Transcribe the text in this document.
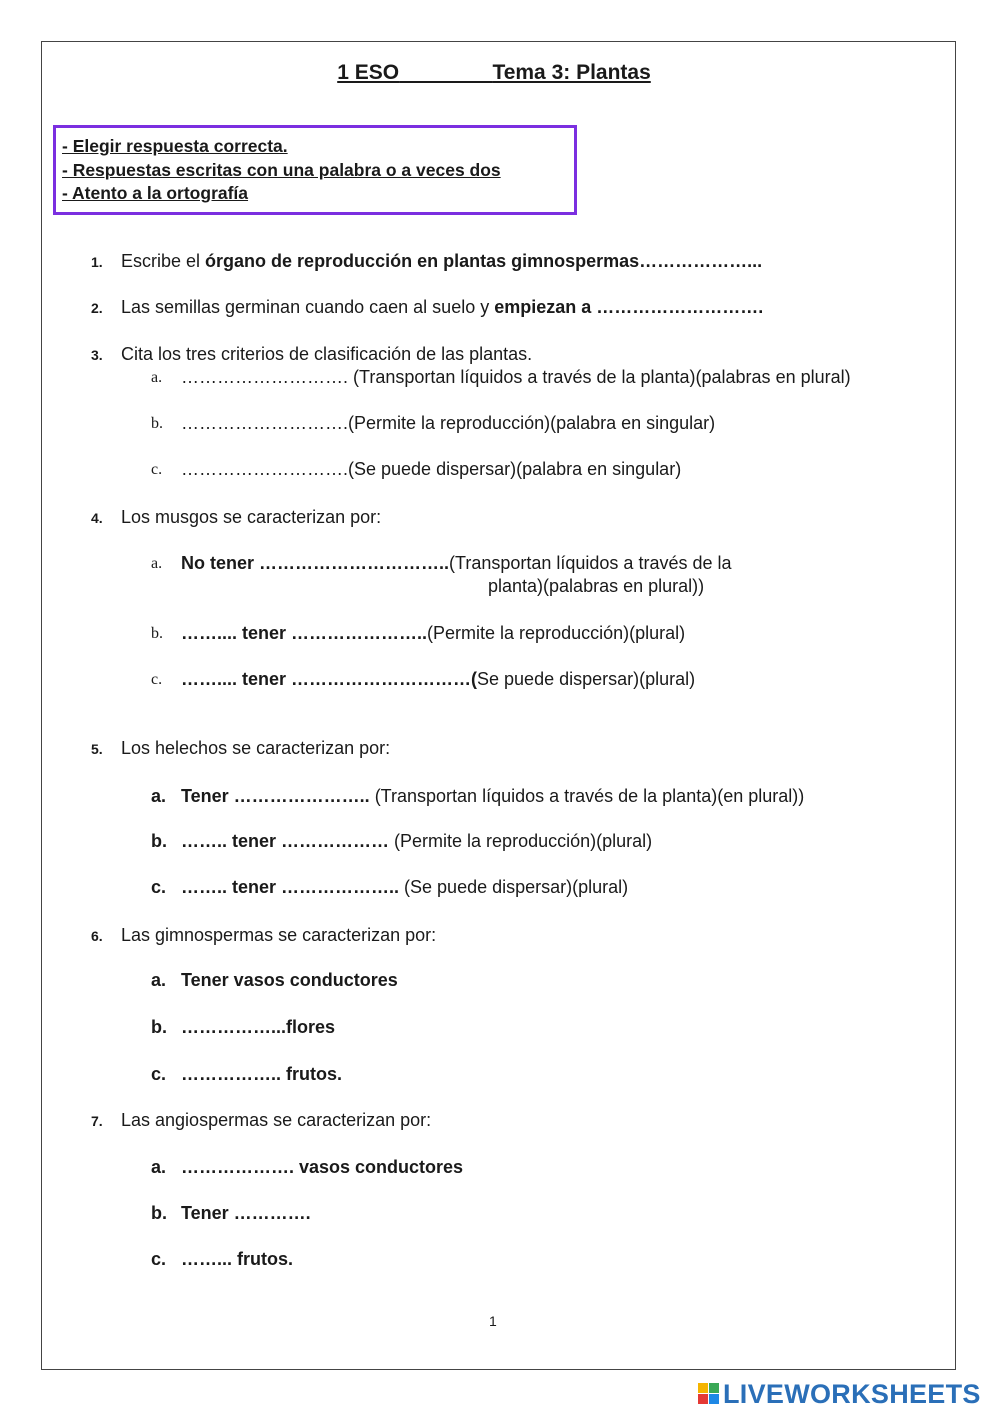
1 ESO	Tema 3: Plantas
- Elegir respuesta correcta.
- Respuestas escritas con una palabra o a veces dos
- Atento a la ortografía
1. Escribe el órgano de reproducción en plantas gimnospermas………………...
2. Las semillas germinan cuando caen al suelo y empiezan a ……………………….
3. Cita los tres criterios de clasificación de las plantas.
a. ………………………. (Transportan líquidos a través de la planta)(palabras en plural)
b. ……………………….(Permite la reproducción)(palabra en singular)
c. ……………………….(Se puede dispersar)(palabra en singular)
4. Los musgos se caracterizan por:
a. No tener …………………………..(Transportan líquidos a través de la
planta)(palabras en plural))
b. …….... tener …………………..(Permite la reproducción)(plural)
c. …….... tener …………………………(Se puede dispersar)(plural)
5. Los helechos se caracterizan por:
a. Tener ………………….. (Transportan líquidos a través de la planta)(en plural))
b. …….. tener ……………… (Permite la reproducción)(plural)
c. …….. tener ……………….. (Se puede dispersar)(plural)
6. Las gimnospermas se caracterizan por:
a. Tener vasos conductores
b. ……………...flores
c. …………….. frutos.
7. Las angiospermas se caracterizan por:
a. ………………. vasos conductores
b. Tener ………….
c. ……... frutos.
1
LIVEWORKSHEETS
